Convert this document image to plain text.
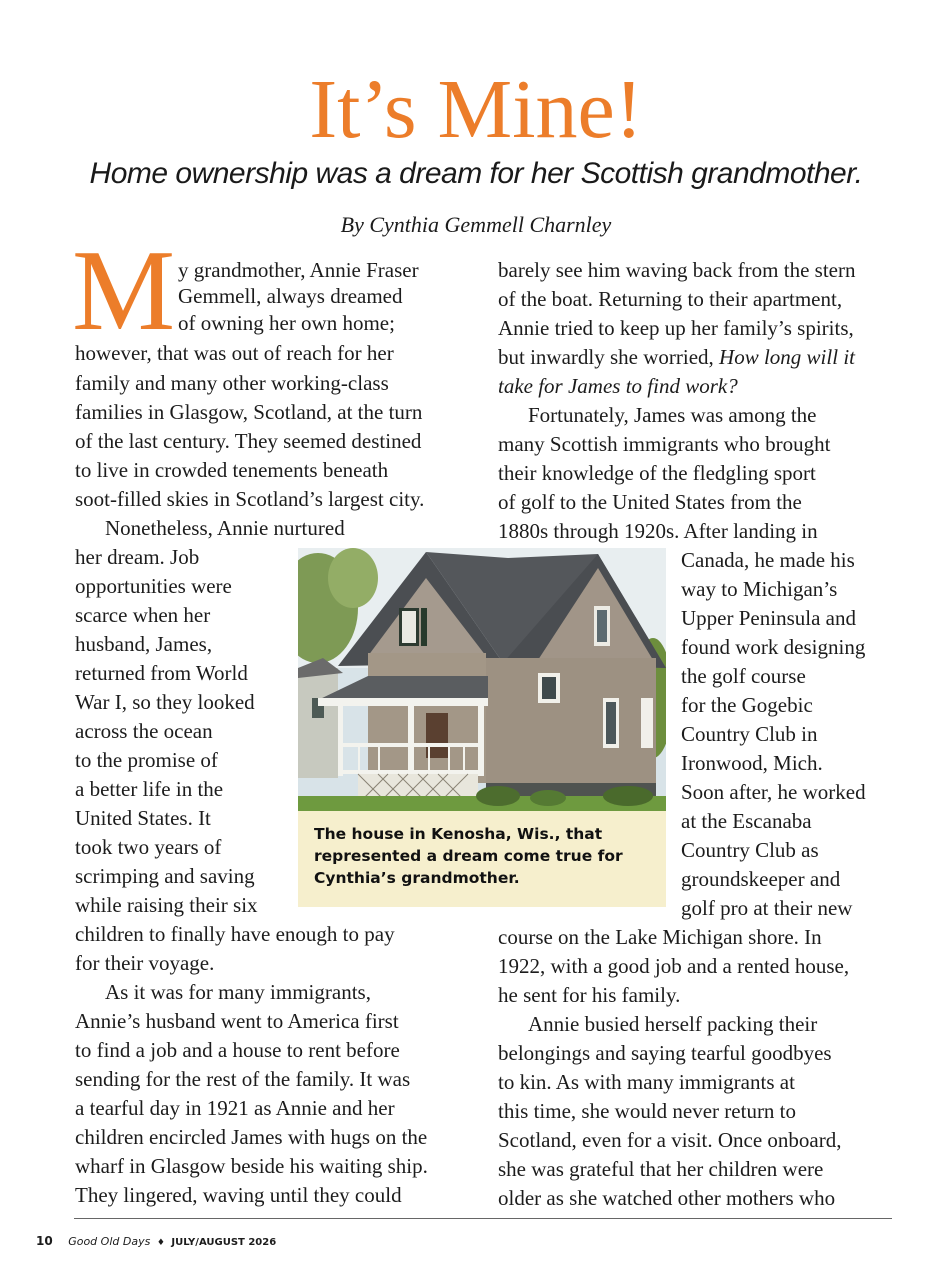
It’s Mine!
Home ownership was a dream for her Scottish grandmother.
By Cynthia Gemmell Charnley
M y grandmother, Annie Fraser
Gemmell, always dreamed
of owning her own home;
however, that was out of reach for her
family and many other working-class
families in Glasgow, Scotland, at the turn
of the last century. They seemed destined
to live in crowded tenements beneath
soot-filled skies in Scotland’s largest city.
Nonetheless, Annie nurtured
her dream. Job
opportunities were
scarce when her
husband, James,
returned from World
War I, so they looked
across the ocean
to the promise of
a better life in the
United States. It
took two years of
scrimping and saving
while raising their six
children to finally have enough to pay
for their voyage.
As it was for many immigrants,
Annie’s husband went to America first
to find a job and a house to rent before
sending for the rest of the family. It was
a tearful day in 1921 as Annie and her
children encircled James with hugs on the
wharf in Glasgow beside his waiting ship.
They lingered, waving until they could
barely see him waving back from the stern
of the boat. Returning to their apartment,
Annie tried to keep up her family’s spirits,
but inwardly she worried, How long will it
take for James to find work?
Fortunately, James was among the
many Scottish immigrants who brought
their knowledge of the fledgling sport
of golf to the United States from the
1880s through 1920s. After landing in
Canada, he made his
way to Michigan’s
Upper Peninsula and
found work designing
the golf course
for the Gogebic
Country Club in
Ironwood, Mich.
Soon after, he worked
at the Escanaba
Country Club as
groundskeeper and
golf pro at their new
course on the Lake Michigan shore. In
1922, with a good job and a rented house,
he sent for his family.
Annie busied herself packing their
belongings and saying tearful goodbyes
to kin. As with many immigrants at
this time, she would never return to
Scotland, even for a visit. Once onboard,
she was grateful that her children were
older as she watched other mothers who
The house in Kenosha, Wis., that represented a dream come true for Cynthia’s grandmother.
10 Good Old Days ♦ JULY/AUGUST 2026
